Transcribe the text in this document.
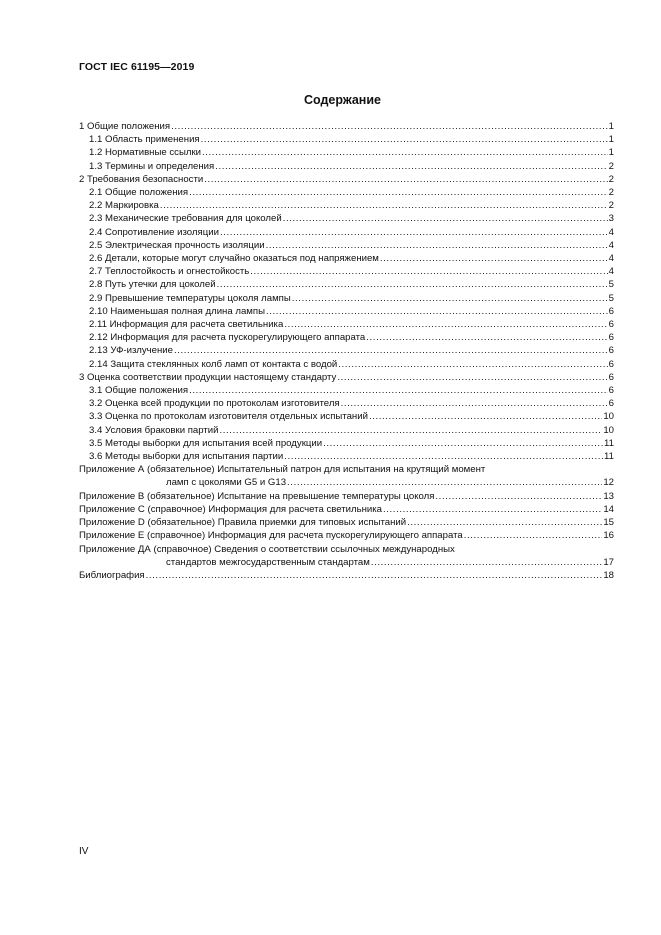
ГОСТ IEC 61195—2019
Содержание
1 Общие положения .....	1
1.1 Область применения .....	1
1.2 Нормативные ссылки .....	1
1.3 Термины и определения .....	2
2 Требования безопасности .....	2
2.1 Общие положения .....	2
2.2 Маркировка .....	2
2.3 Механические требования для цоколей .....	3
2.4 Сопротивление изоляции .....	4
2.5 Электрическая прочность изоляции .....	4
2.6 Детали, которые могут случайно оказаться под напряжением .....	4
2.7 Теплостойкость и огнестойкость .....	4
2.8 Путь утечки для цоколей .....	5
2.9 Превышение температуры цоколя лампы .....	5
2.10 Наименьшая полная длина лампы .....	6
2.11 Информация для расчета светильника .....	6
2.12 Информация для расчета пускорегулирующего аппарата .....	6
2.13 УФ-излучение .....	6
2.14 Защита стеклянных колб ламп от контакта с водой .....	6
3 Оценка соответствии продукции настоящему стандарту .....	6
3.1 Общие положения .....	6
3.2 Оценка всей продукции по протоколам изготовителя .....	6
3.3 Оценка по протоколам изготовителя отдельных испытаний .....	10
3.4 Условия браковки партий .....	10
3.5 Методы выборки для испытания всей продукции .....	11
3.6 Методы выборки для испытания партии .....	11
Приложение А (обязательное) Испытательный патрон для испытания на крутящий момент
ламп с цоколями G5 и G13 .....	12
Приложение В (обязательное) Испытание на превышение температуры цоколя .....	13
Приложение С (справочное) Информация для расчета светильника .....	14
Приложение D (обязательное) Правила приемки для типовых испытаний .....	15
Приложение Е (справочное) Информация для расчета пускорегулирующего аппарата .....	16
Приложение ДА (справочное) Сведения о соответствии ссылочных международных
стандартов межгосударственным стандартам .....	17
Библиография .....	18
IV
